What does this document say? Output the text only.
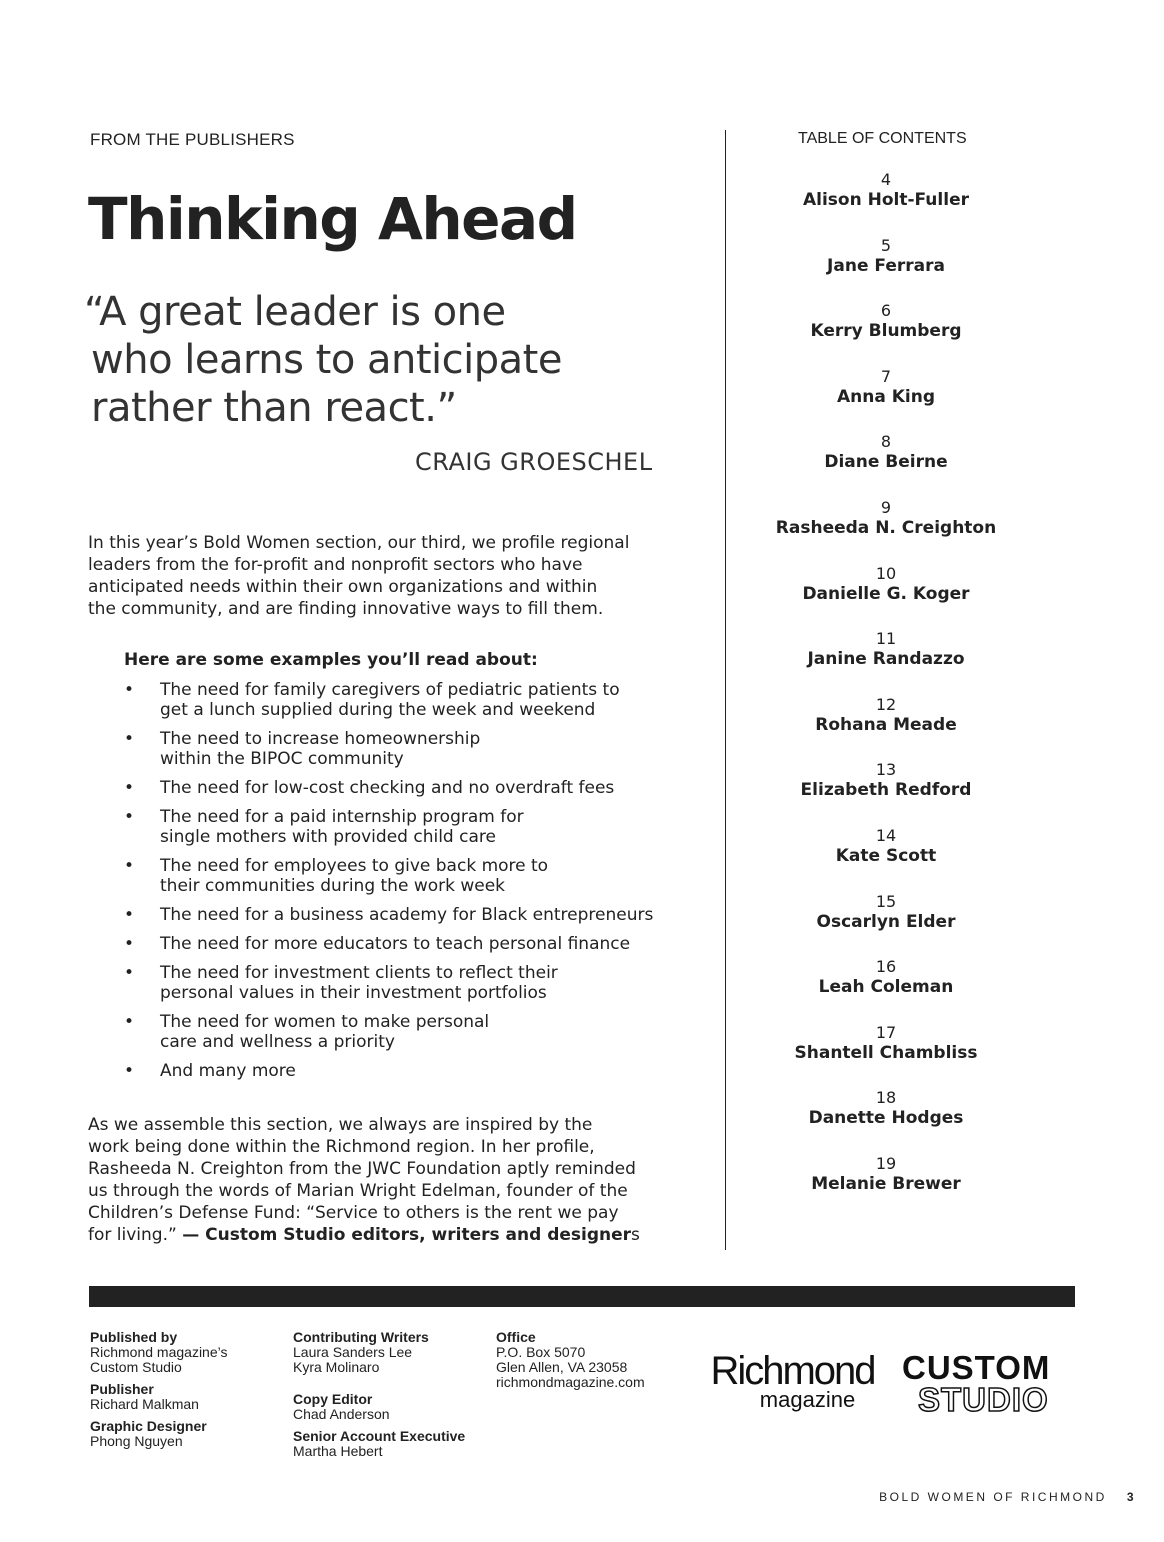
FROM THE PUBLISHERS
Thinking Ahead
“A great leader is one
who learns to anticipate
rather than react.”
CRAIG GROESCHEL
In this year’s Bold Women section, our third, we profile regional
leaders from the for-profit and nonprofit sectors who have
anticipated needs within their own organizations and within
the community, and are finding innovative ways to fill them.
Here are some examples you’ll read about:
• The need for family caregivers of pediatric patients to
get a lunch supplied during the week and weekend
• The need to increase homeownership
within the BIPOC community
• The need for low-cost checking and no overdraft fees
• The need for a paid internship program for
single mothers with provided child care
• The need for employees to give back more to
their communities during the work week
• The need for a business academy for Black entrepreneurs
• The need for more educators to teach personal finance
• The need for investment clients to reflect their
personal values in their investment portfolios
• The need for women to make personal
care and wellness a priority
• And many more
As we assemble this section, we always are inspired by the
work being done within the Richmond region. In her profile,
Rasheeda N. Creighton from the JWC Foundation aptly reminded
us through the words of Marian Wright Edelman, founder of the
Children’s Defense Fund: “Service to others is the rent we pay
for living.” — Custom Studio editors, writers and designers
TABLE OF CONTENTS
4
Alison Holt-Fuller
5
Jane Ferrara
6
Kerry Blumberg
7
Anna King
8
Diane Beirne
9
Rasheeda N. Creighton
10
Danielle G. Koger
11
Janine Randazzo
12
Rohana Meade
13
Elizabeth Redford
14
Kate Scott
15
Oscarlyn Elder
16
Leah Coleman
17
Shantell Chambliss
18
Danette Hodges
19
Melanie Brewer
Published by
Richmond magazine’s
Custom Studio
Publisher
Richard Malkman
Graphic Designer
Phong Nguyen
Contributing Writers
Laura Sanders Lee
Kyra Molinaro
Copy Editor
Chad Anderson
Senior Account Executive
Martha Hebert
Office
P.O. Box 5070
Glen Allen, VA 23058
richmondmagazine.com Richmond
magazine
CUSTOM
STUDIO
BOLD WOMEN OF RICHMOND 3
